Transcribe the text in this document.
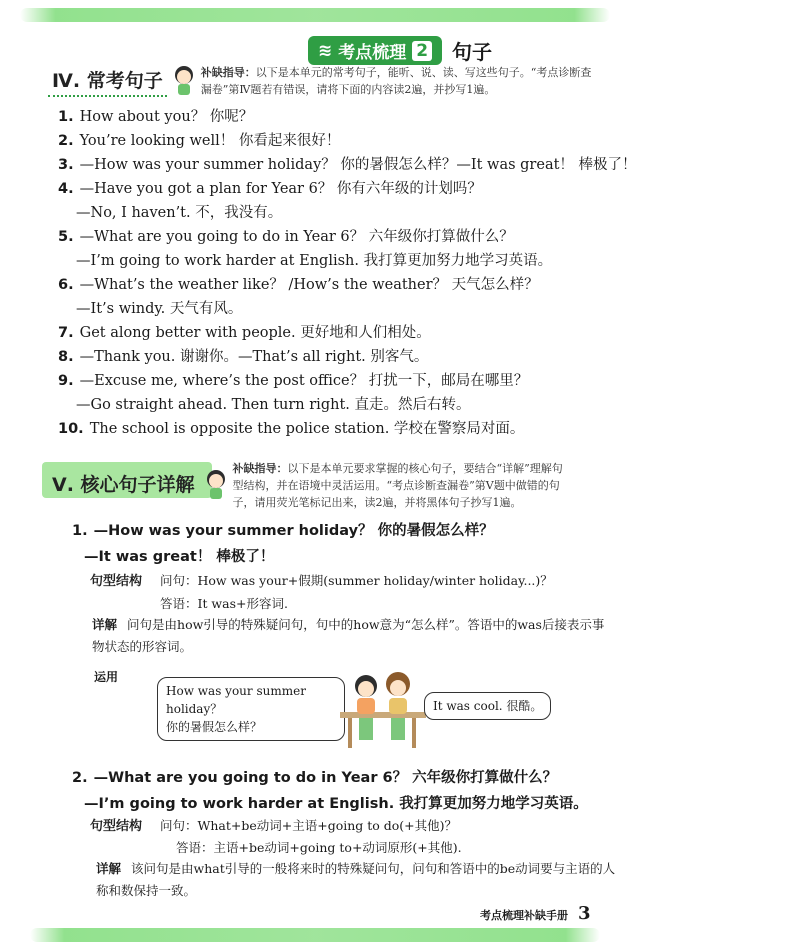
≋ 考点梳理 2 句子
Ⅳ. 常考句子	补缺指导：以下是本单元的常考句子，能听、说、读、写这些句子。“考点诊断查
漏卷”第Ⅳ题若有错误，请将下面的内容读2遍，并抄写1遍。
1. How about you？ 你呢？
2. You’re looking well！ 你看起来很好！
3. —How was your summer holiday？ 你的暑假怎么样？—It was great！ 棒极了！
4. —Have you got a plan for Year 6？ 你有六年级的计划吗？
—No, I haven’t. 不，我没有。
5. —What are you going to do in Year 6？ 六年级你打算做什么？
—I’m going to work harder at English. 我打算更加努力地学习英语。
6. —What’s the weather like？ /How’s the weather？ 天气怎么样？
—It’s windy. 天气有风。
7. Get along better with people. 更好地和人们相处。
8. —Thank you. 谢谢你。—That’s all right. 别客气。
9. —Excuse me, where’s the post office？ 打扰一下，邮局在哪里？
—Go straight ahead. Then turn right. 直走。然后右转。
10. The school is opposite the police station. 学校在警察局对面。
Ⅴ. 核心句子详解
补缺指导：以下是本单元要求掌握的核心句子，要结合“详解”理解句
型结构，并在语境中灵活运用。“考点诊断查漏卷”第Ⅴ题中做错的句
子，请用荧光笔标记出来，读2遍，并将黑体句子抄写1遍。
1. —How was your summer holiday？ 你的暑假怎么样？
—It was great！ 棒极了！
句型结构 问句：How was your+假期(summer holiday/winter holiday...)？
答语：It was+形容词.
详解 问句是由how引导的特殊疑问句，句中的how意为“怎么样”。答语中的was后接表示事物状态的形容词。
运用
How was your summer holiday？
你的暑假怎么样？
It was cool. 很酷。
2. —What are you going to do in Year 6？ 六年级你打算做什么？
—I’m going to work harder at English. 我打算更加努力地学习英语。
句型结构 问句：What+be动词+主语+going to do(+其他)？
答语：主语+be动词+going to+动词原形(+其他).
详解 该问句是由what引导的一般将来时的特殊疑问句，问句和答语中的be动词要与主语的人称和数保持一致。
考点梳理补缺手册 3
